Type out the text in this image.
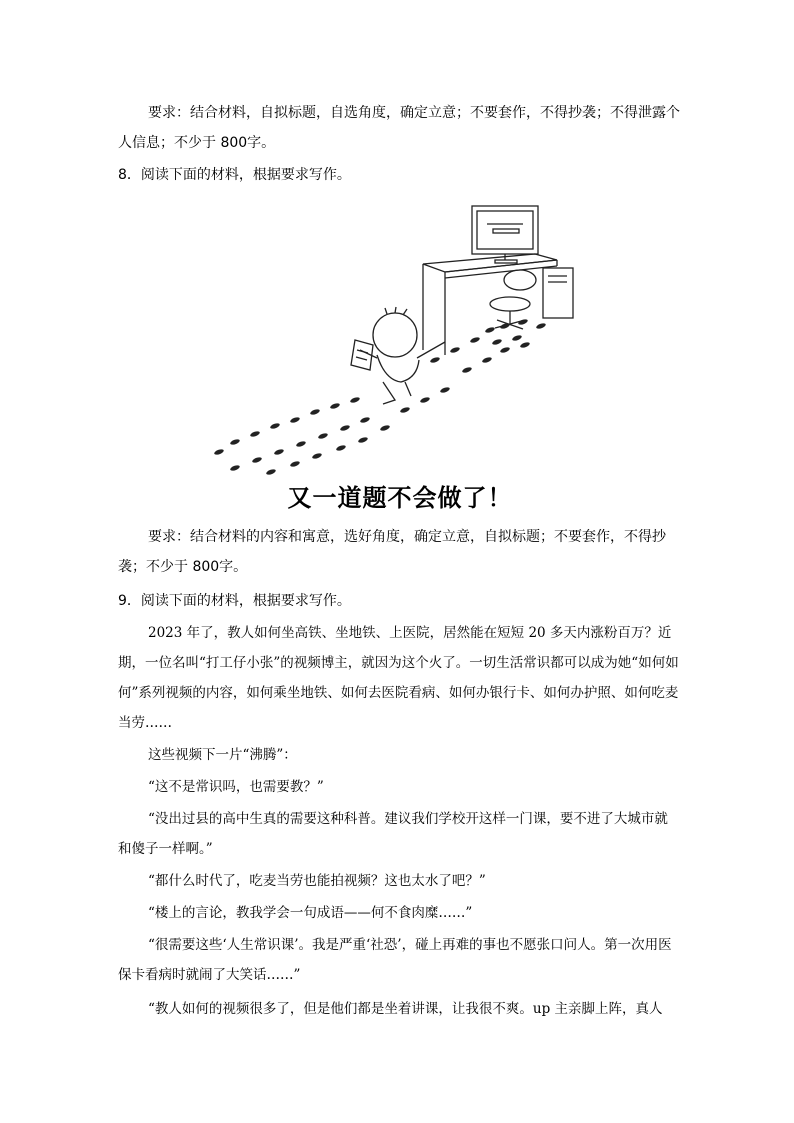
要求：结合材料，自拟标题，自选角度，确定立意；不要套作，不得抄袭；不得泄露个人信息；不少于 800字。

8．阅读下面的材料，根据要求写作。

又一道题不会做了！

要求：结合材料的内容和寓意，选好角度，确定立意，自拟标题；不要套作，不得抄袭；不少于 800字。

9．阅读下面的材料，根据要求写作。

2023 年了，教人如何坐高铁、坐地铁、上医院，居然能在短短 20 多天内涨粉百万？近期，一位名叫“打工仔小张”的视频博主，就因为这个火了。一切生活常识都可以成为她“如何如何”系列视频的内容，如何乘坐地铁、如何去医院看病、如何办银行卡、如何办护照、如何吃麦当劳……

这些视频下一片“沸腾”：

“这不是常识吗，也需要教？”

“没出过县的高中生真的需要这种科普。建议我们学校开这样一门课，要不进了大城市就和傻子一样啊。”

“都什么时代了，吃麦当劳也能拍视频？这也太水了吧？”

“楼上的言论，教我学会一句成语——何不食肉糜……”

“很需要这些‘人生常识课’。我是严重‘社恐’，碰上再难的事也不愿张口问人。第一次用医保卡看病时就闹了大笑话……”

“教人如何的视频很多了，但是他们都是坐着讲课，让我很不爽。up 主亲脚上阵，真人
